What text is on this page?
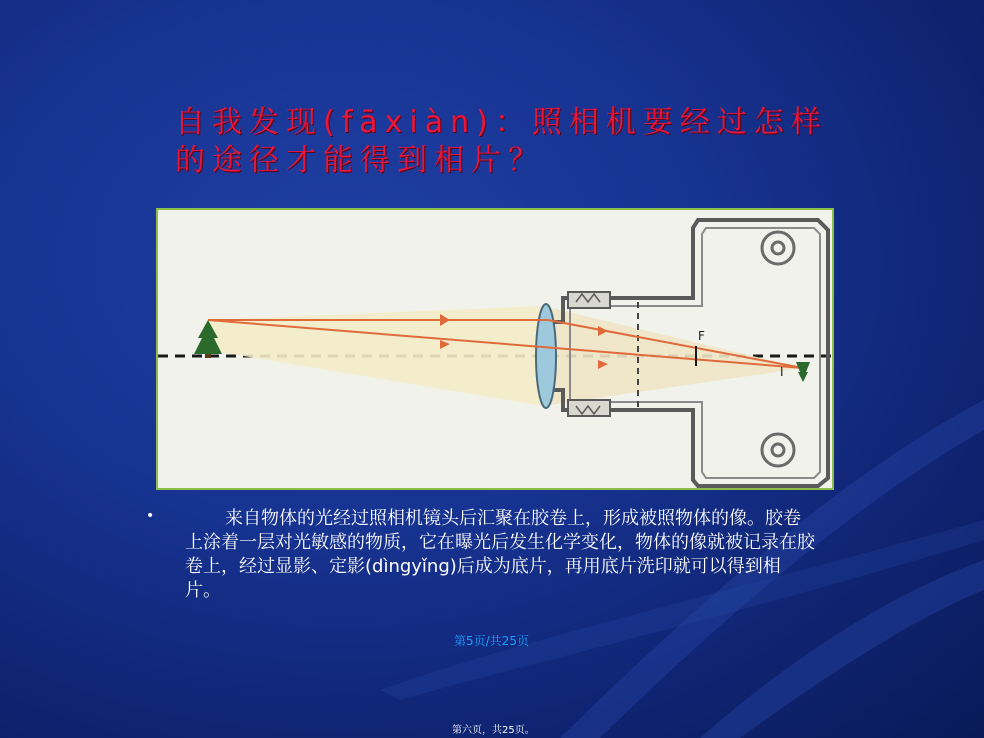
自我发现(fāxiàn)：照相机要经过怎样的途径才能得到相片？
F
I
•	来自物体的光经过照相机镜头后汇聚在胶卷上，形成被照物体的像。胶卷上涂着一层对光敏感的物质，它在曝光后发生化学变化，物体的像就被记录在胶卷上，经过显影、定影(dìngyǐng)后成为底片，再用底片洗印就可以得到相片。
第5页/共25页
第六页，共25页。
